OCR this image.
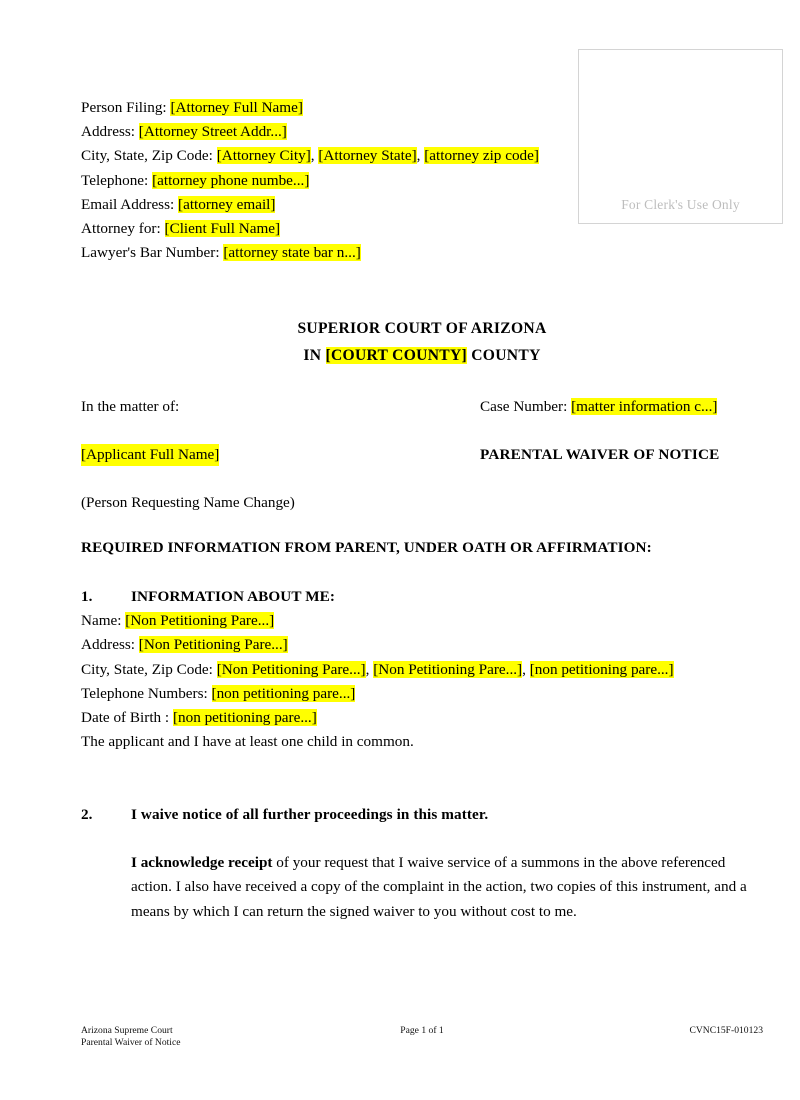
For Clerk's Use Only

Person Filing: [Attorney Full Name]

Address: [Attorney Street Addr...]

City, State, Zip Code: [Attorney City], [Attorney State], [attorney zip code]

Telephone: [attorney phone numbe...]

Email Address: [attorney email]

Attorney for: [Client Full Name]

Lawyer's Bar Number: [attorney state bar n...]

SUPERIOR COURT OF ARIZONA
IN [COURT COUNTY] COUNTY
In the matter of:	Case Number: [matter information c...]
[Applicant Full Name]	PARENTAL WAIVER OF NOTICE
(Person Requesting Name Change)
REQUIRED INFORMATION FROM PARENT, UNDER OATH OR AFFIRMATION:
1.	INFORMATION ABOUT ME:

Name: [Non Petitioning Pare...]

Address: [Non Petitioning Pare...]

City, State, Zip Code: [Non Petitioning Pare...], [Non Petitioning Pare...], [non petitioning pare...]

Telephone Numbers: [non petitioning pare...]

Date of Birth : [non petitioning pare...]

The applicant and I have at least one child in common.

2.	I waive notice of all further proceedings in this matter.

I acknowledge receipt of your request that I waive service of a summons in the above referenced action. I also have received a copy of the complaint in the action, two copies of this instrument, and a means by which I can return the signed waiver to you without cost to me.

Arizona Supreme Court
Parental Waiver of Notice
Page 1 of 1	CVNC15F-010123
